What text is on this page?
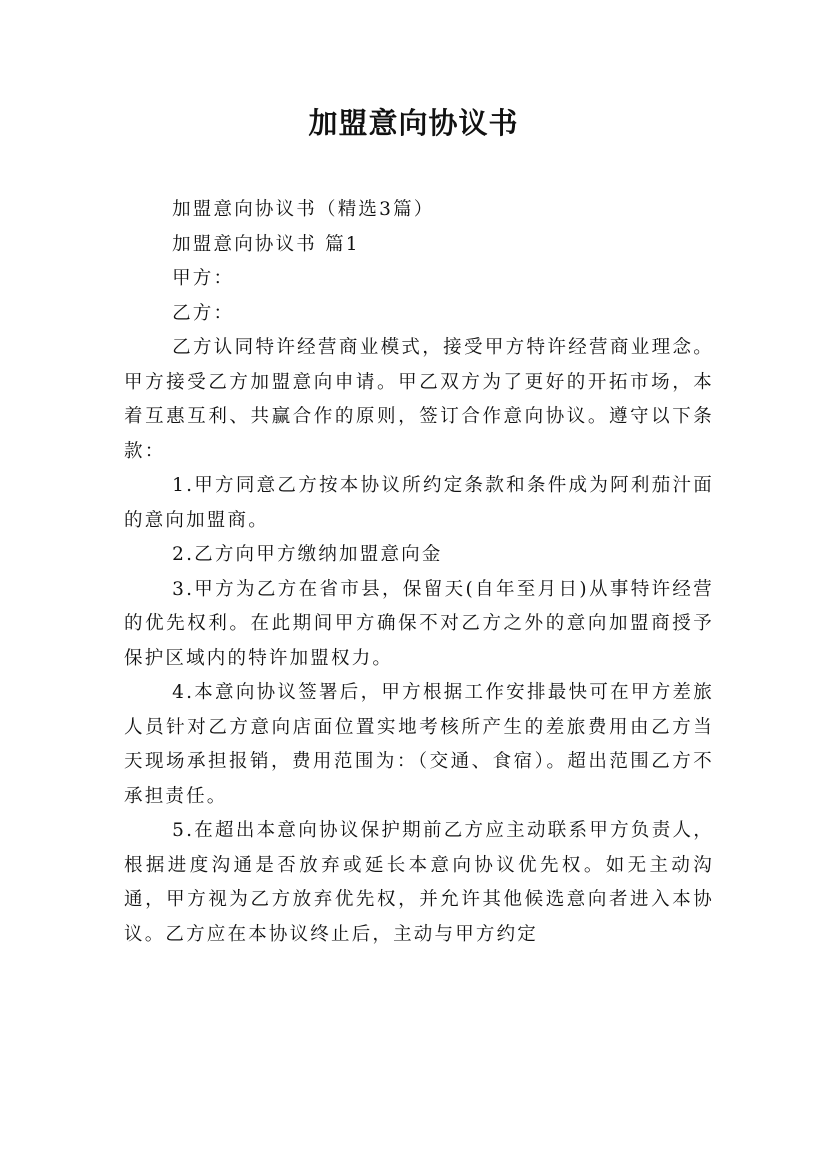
加盟意向协议书

加盟意向协议书（精选3篇）

加盟意向协议书 篇1

甲方：

乙方：

乙方认同特许经营商业模式，接受甲方特许经营商业理念。甲方接受乙方加盟意向申请。甲乙双方为了更好的开拓市场，本着互惠互利、共赢合作的原则，签订合作意向协议。遵守以下条款：

1.甲方同意乙方按本协议所约定条款和条件成为阿利茄汁面的意向加盟商。

2.乙方向甲方缴纳加盟意向金

3.甲方为乙方在省市县，保留天(自年至月日)从事特许经营的优先权利。在此期间甲方确保不对乙方之外的意向加盟商授予保护区域内的特许加盟权力。

4.本意向协议签署后，甲方根据工作安排最快可在甲方差旅人员针对乙方意向店面位置实地考核所产生的差旅费用由乙方当天现场承担报销，费用范围为：（交通、食宿）。超出范围乙方不承担责任。

5.在超出本意向协议保护期前乙方应主动联系甲方负责人，根据进度沟通是否放弃或延长本意向协议优先权。如无主动沟通，甲方视为乙方放弃优先权，并允许其他候选意向者进入本协议。乙方应在本协议终止后，主动与甲方约定
